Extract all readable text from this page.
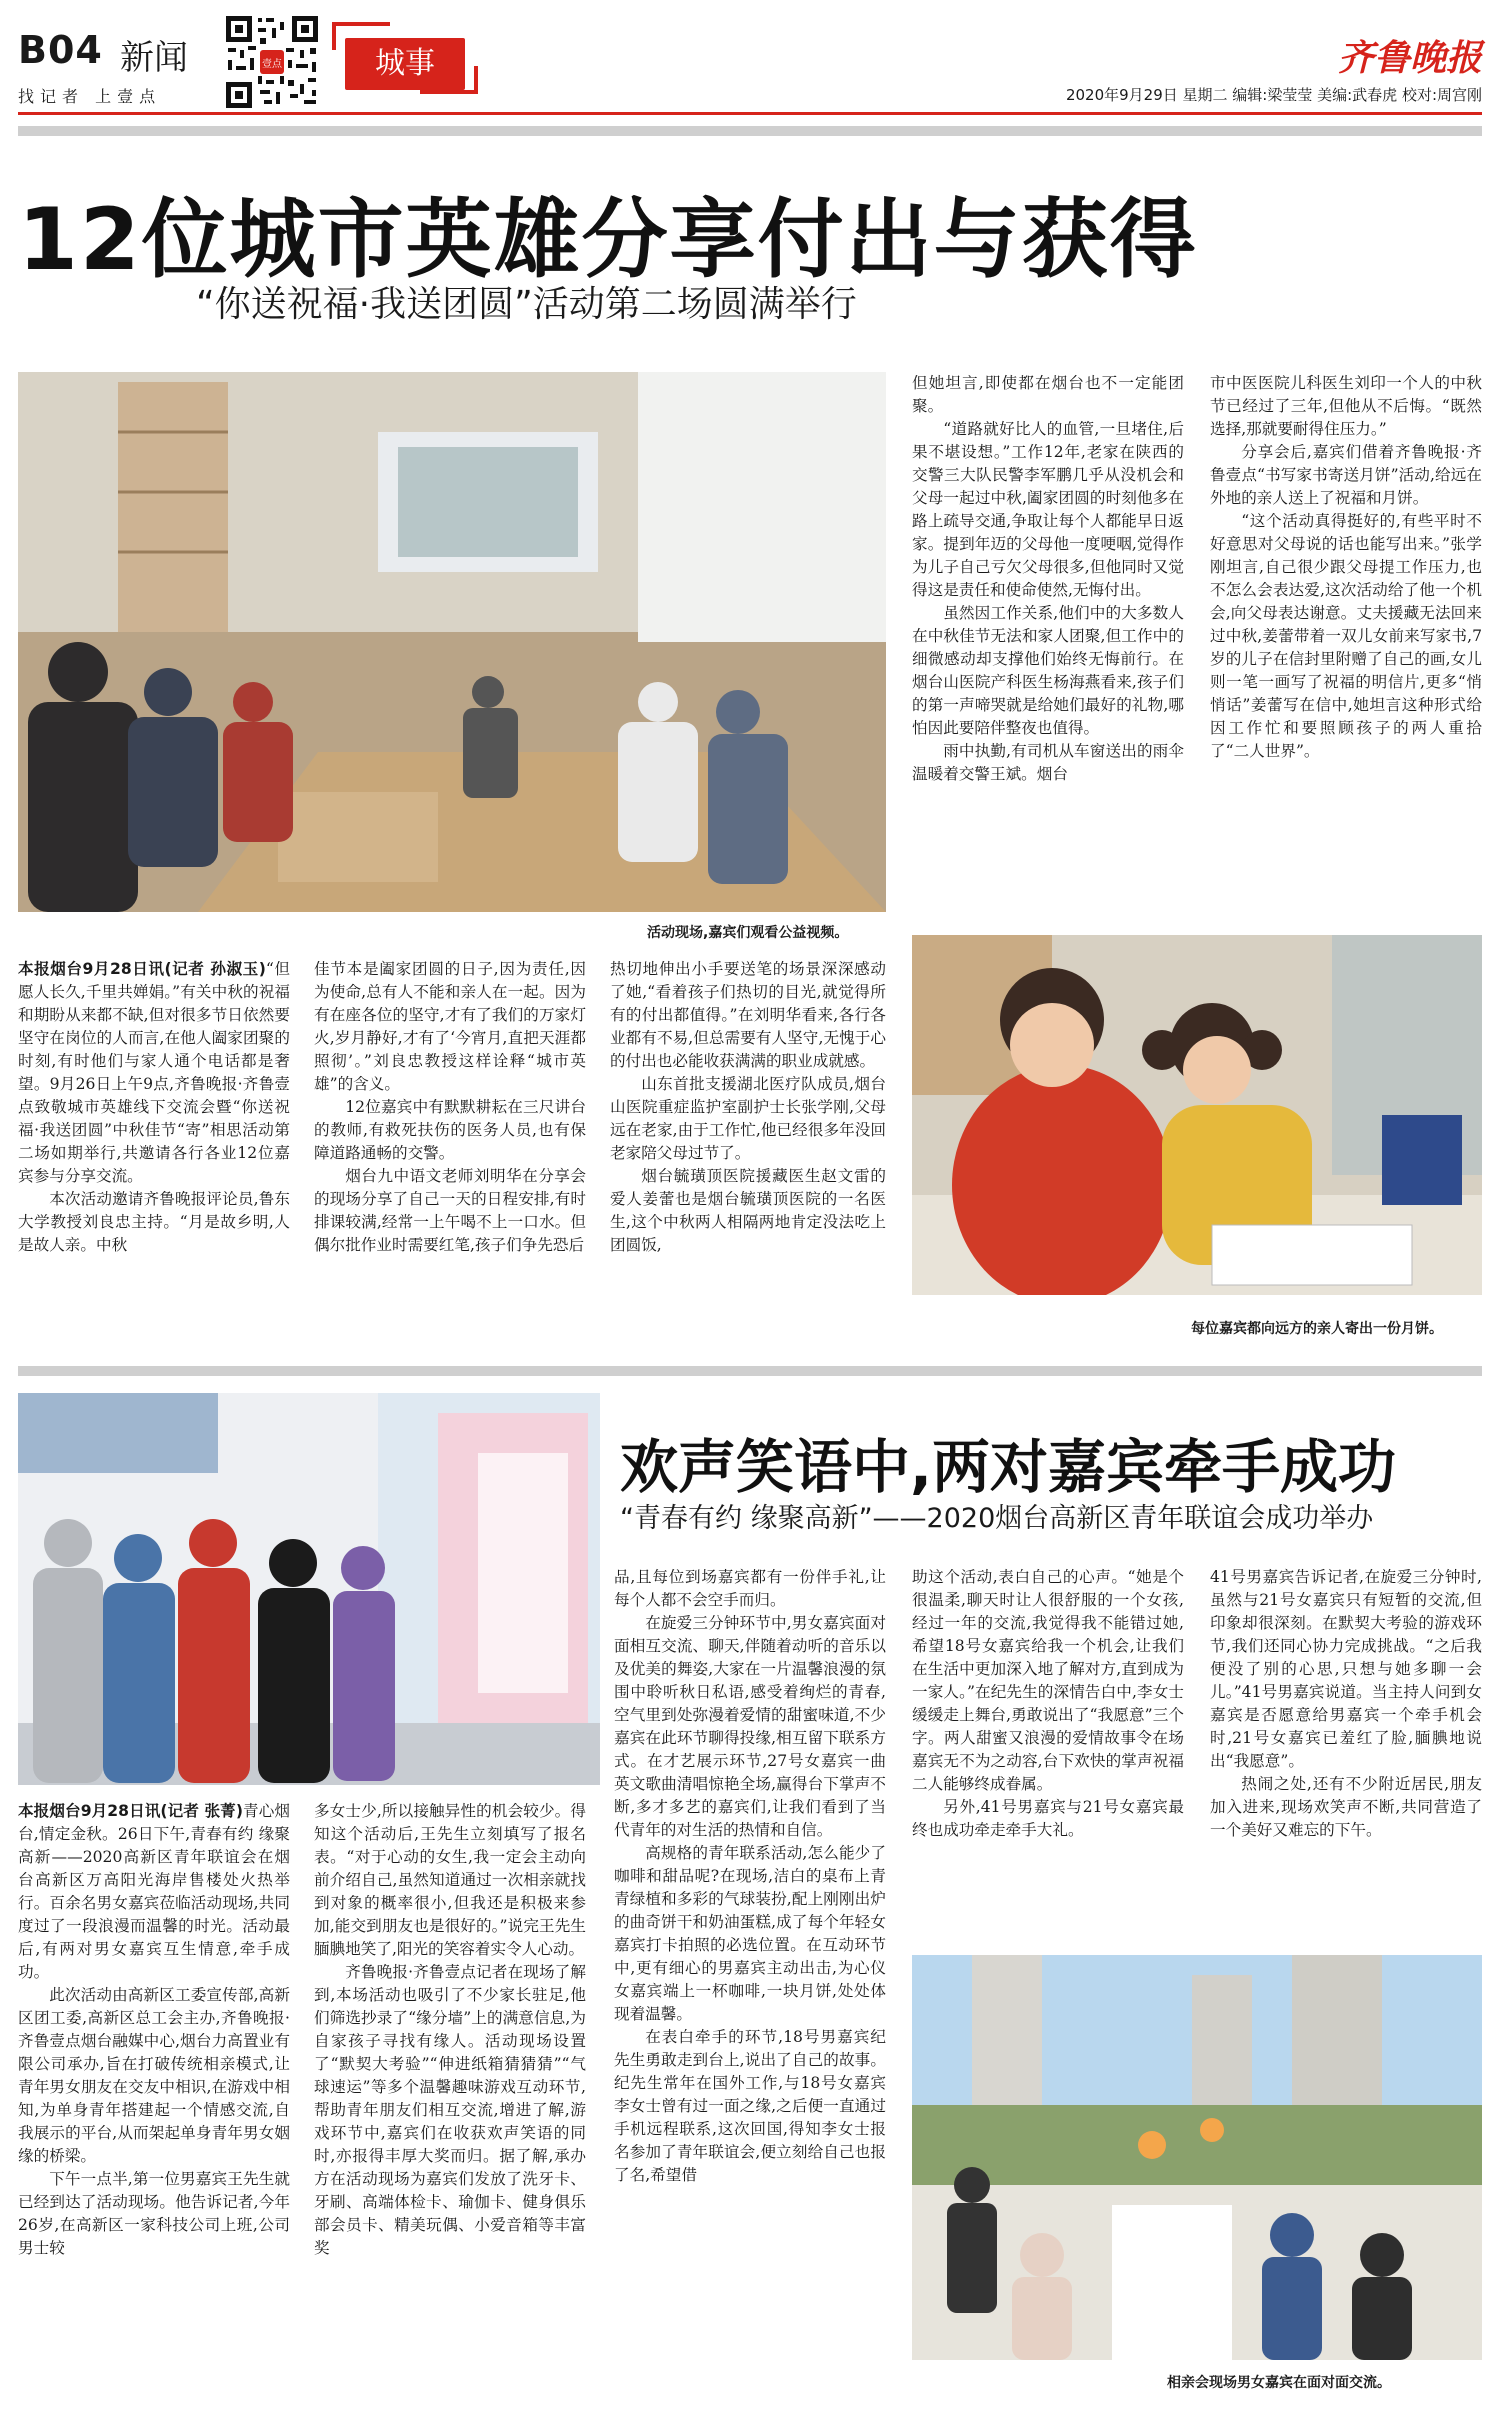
B04 新闻
找记者 上壹点
壹点	城事	齐鲁晚报
2020年9月29日 星期二 编辑:梁莹莹 美编:武春虎 校对:周宫刚
12位城市英雄分享付出与获得
“你送祝福·我送团圆”活动第二场圆满举行
活动现场,嘉宾们观看公益视频。

本报烟台9月28日讯(记者 孙淑玉)“但愿人长久,千里共婵娟。”有关中秋的祝福和期盼从来都不缺,但对很多节日依然要坚守在岗位的人而言,在他人阖家团聚的时刻,有时他们与家人通个电话都是奢望。9月26日上午9点,齐鲁晚报·齐鲁壹点致敬城市英雄线下交流会暨“你送祝福·我送团圆”中秋佳节“寄”相思活动第二场如期举行,共邀请各行各业12位嘉宾参与分享交流。

本次活动邀请齐鲁晚报评论员,鲁东大学教授刘良忠主持。“月是故乡明,人是故人亲。中秋

佳节本是阖家团圆的日子,因为责任,因为使命,总有人不能和亲人在一起。因为有在座各位的坚守,才有了我们的万家灯火,岁月静好,才有了‘今宵月,直把天涯都照彻’。”刘良忠教授这样诠释“城市英雄”的含义。

12位嘉宾中有默默耕耘在三尺讲台的教师,有救死扶伤的医务人员,也有保障道路通畅的交警。

烟台九中语文老师刘明华在分享会的现场分享了自己一天的日程安排,有时排课较满,经常一上午喝不上一口水。但偶尔批作业时需要红笔,孩子们争先恐后

热切地伸出小手要送笔的场景深深感动了她,“看着孩子们热切的目光,就觉得所有的付出都值得。”在刘明华看来,各行各业都有不易,但总需要有人坚守,无愧于心的付出也必能收获满满的职业成就感。

山东首批支援湖北医疗队成员,烟台山医院重症监护室副护士长张学刚,父母远在老家,由于工作忙,他已经很多年没回老家陪父母过节了。

烟台毓璜顶医院援藏医生赵文雷的爱人姜蕾也是烟台毓璜顶医院的一名医生,这个中秋两人相隔两地肯定没法吃上团圆饭,

但她坦言,即使都在烟台也不一定能团聚。

“道路就好比人的血管,一旦堵住,后果不堪设想。”工作12年,老家在陕西的交警三大队民警李军鹏几乎从没机会和父母一起过中秋,阖家团圆的时刻他多在路上疏导交通,争取让每个人都能早日返家。提到年迈的父母他一度哽咽,觉得作为儿子自己亏欠父母很多,但他同时又觉得这是责任和使命使然,无悔付出。

虽然因工作关系,他们中的大多数人在中秋佳节无法和家人团聚,但工作中的细微感动却支撑他们始终无悔前行。在烟台山医院产科医生杨海燕看来,孩子们的第一声啼哭就是给她们最好的礼物,哪怕因此要陪伴整夜也值得。

雨中执勤,有司机从车窗送出的雨伞温暖着交警王斌。烟台

市中医医院儿科医生刘印一个人的中秋节已经过了三年,但他从不后悔。“既然选择,那就要耐得住压力。”

分享会后,嘉宾们借着齐鲁晚报·齐鲁壹点“书写家书寄送月饼”活动,给远在外地的亲人送上了祝福和月饼。

“这个活动真得挺好的,有些平时不好意思对父母说的话也能写出来。”张学刚坦言,自己很少跟父母提工作压力,也不怎么会表达爱,这次活动给了他一个机会,向父母表达谢意。丈夫援藏无法回来过中秋,姜蕾带着一双儿女前来写家书,7岁的儿子在信封里附赠了自己的画,女儿则一笔一画写了祝福的明信片,更多“悄悄话”姜蕾写在信中,她坦言这种形式给因工作忙和要照顾孩子的两人重拾了“二人世界”。

每位嘉宾都向远方的亲人寄出一份月饼。
欢声笑语中,两对嘉宾牵手成功
“青春有约 缘聚高新”——2020烟台高新区青年联谊会成功举办

本报烟台9月28日讯(记者 张菁)青心烟台,情定金秋。26日下午,青春有约 缘聚高新——2020高新区青年联谊会在烟台高新区万高阳光海岸售楼处火热举行。百余名男女嘉宾莅临活动现场,共同度过了一段浪漫而温馨的时光。活动最后,有两对男女嘉宾互生情意,牵手成功。

此次活动由高新区工委宣传部,高新区团工委,高新区总工会主办,齐鲁晚报·齐鲁壹点烟台融媒中心,烟台力高置业有限公司承办,旨在打破传统相亲模式,让青年男女朋友在交友中相识,在游戏中相知,为单身青年搭建起一个情感交流,自我展示的平台,从而架起单身青年男女姻缘的桥梁。

下午一点半,第一位男嘉宾王先生就已经到达了活动现场。他告诉记者,今年26岁,在高新区一家科技公司上班,公司男士较

多女士少,所以接触异性的机会较少。得知这个活动后,王先生立刻填写了报名表。“对于心动的女生,我一定会主动向前介绍自己,虽然知道通过一次相亲就找到对象的概率很小,但我还是积极来参加,能交到朋友也是很好的。”说完王先生腼腆地笑了,阳光的笑容着实令人心动。

齐鲁晚报·齐鲁壹点记者在现场了解到,本场活动也吸引了不少家长驻足,他们筛选抄录了“缘分墙”上的满意信息,为自家孩子寻找有缘人。活动现场设置了“默契大考验”“伸进纸箱猜猜猜”“气球速运”等多个温馨趣味游戏互动环节,帮助青年朋友们相互交流,增进了解,游戏环节中,嘉宾们在收获欢声笑语的同时,亦报得丰厚大奖而归。据了解,承办方在活动现场为嘉宾们发放了洗牙卡、牙刷、高端体检卡、瑜伽卡、健身俱乐部会员卡、精美玩偶、小爱音箱等丰富奖

品,且每位到场嘉宾都有一份伴手礼,让每个人都不会空手而归。

在旋爱三分钟环节中,男女嘉宾面对面相互交流、聊天,伴随着动听的音乐以及优美的舞姿,大家在一片温馨浪漫的氛围中聆听秋日私语,感受着绚烂的青春,空气里到处弥漫着爱情的甜蜜味道,不少嘉宾在此环节聊得投缘,相互留下联系方式。在才艺展示环节,27号女嘉宾一曲英文歌曲清唱惊艳全场,赢得台下掌声不断,多才多艺的嘉宾们,让我们看到了当代青年的对生活的热情和自信。

高规格的青年联系活动,怎么能少了咖啡和甜品呢?在现场,洁白的桌布上青青绿植和多彩的气球装扮,配上刚刚出炉的曲奇饼干和奶油蛋糕,成了每个年轻女嘉宾打卡拍照的必选位置。在互动环节中,更有细心的男嘉宾主动出击,为心仪女嘉宾端上一杯咖啡,一块月饼,处处体现着温馨。

在表白牵手的环节,18号男嘉宾纪先生勇敢走到台上,说出了自己的故事。纪先生常年在国外工作,与18号女嘉宾李女士曾有过一面之缘,之后便一直通过手机远程联系,这次回国,得知李女士报名参加了青年联谊会,便立刻给自己也报了名,希望借

助这个活动,表白自己的心声。“她是个很温柔,聊天时让人很舒服的一个女孩,经过一年的交流,我觉得我不能错过她,希望18号女嘉宾给我一个机会,让我们在生活中更加深入地了解对方,直到成为一家人。”在纪先生的深情告白中,李女士缓缓走上舞台,勇敢说出了“我愿意”三个字。两人甜蜜又浪漫的爱情故事令在场嘉宾无不为之动容,台下欢快的掌声祝福二人能够终成眷属。

另外,41号男嘉宾与21号女嘉宾最终也成功牵走牵手大礼。

41号男嘉宾告诉记者,在旋爱三分钟时,虽然与21号女嘉宾只有短暂的交流,但印象却很深刻。在默契大考验的游戏环节,我们还同心协力完成挑战。“之后我便没了别的心思,只想与她多聊一会儿。”41号男嘉宾说道。当主持人问到女嘉宾是否愿意给男嘉宾一个牵手机会时,21号女嘉宾已羞红了脸,腼腆地说出“我愿意”。

热闹之处,还有不少附近居民,朋友加入进来,现场欢笑声不断,共同营造了一个美好又难忘的下午。

相亲会现场男女嘉宾在面对面交流。
